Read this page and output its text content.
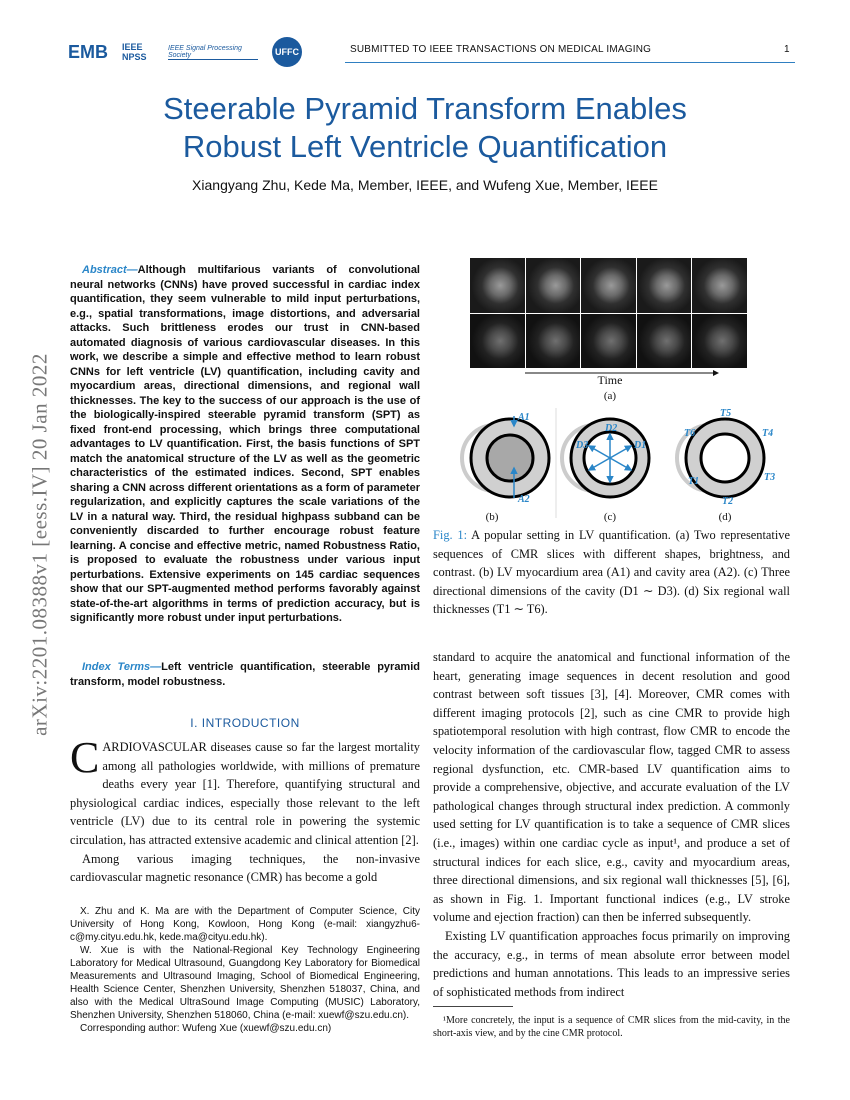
EMB IEEE NPSS
IEEE Signal Processing Society	UFFC	SUBMITTED TO IEEE TRANSACTIONS ON MEDICAL IMAGING	1
Steerable Pyramid Transform Enables
Robust Left Ventricle Quantification
Xiangyang Zhu, Kede Ma, Member, IEEE, and Wufeng Xue, Member, IEEE
arXiv:2201.08388v1 [eess.IV] 20 Jan 2022
Abstract—Although multifarious variants of convolutional neural networks (CNNs) have proved successful in cardiac index quantification, they seem vulnerable to mild input perturbations, e.g., spatial transformations, image distortions, and adversarial attacks. Such brittleness erodes our trust in CNN-based automated diagnosis of various cardiovascular diseases. In this work, we describe a simple and effective method to learn robust CNNs for left ventricle (LV) quantification, including cavity and myocardium areas, directional dimensions, and regional wall thicknesses. The key to the success of our approach is the use of the biologically-inspired steerable pyramid transform (SPT) as fixed front-end processing, which brings three computational advantages to LV quantification. First, the basis functions of SPT match the anatomical structure of the LV as well as the geometric characteristics of the estimated indices. Second, SPT enables sharing a CNN across different orientations as a form of parameter regularization, and explicitly captures the scale variations of the LV in a natural way. Third, the residual highpass subband can be conveniently discarded to further encourage robust feature learning. A concise and effective metric, named Robustness Ratio, is proposed to evaluate the robustness under various input perturbations. Extensive experiments on 145 cardiac sequences show that our SPT-augmented method performs favorably against state-of-the-art algorithms in terms of prediction accuracy, but is significantly more robust under input perturbations.
Index Terms—Left ventricle quantification, steerable pyramid transform, model robustness.
I. INTRODUCTION

CARDIOVASCULAR diseases cause so far the largest mortality among all pathologies worldwide, with millions of premature deaths every year [1]. Therefore, quantifying structural and physiological cardiac indices, especially those relevant to the left ventricle (LV) due to its central role in powering the systemic circulation, has attracted extensive academic and clinical attention [2].

Among various imaging techniques, the non-invasive cardiovascular magnetic resonance (CMR) has become a gold

X. Zhu and K. Ma are with the Department of Computer Science, City University of Hong Kong, Kowloon, Hong Kong (e-mail: xiangyzhu6-c@my.cityu.edu.hk, kede.ma@cityu.edu.hk).

W. Xue is with the National-Regional Key Technology Engineering Laboratory for Medical Ultrasound, Guangdong Key Laboratory for Biomedical Measurements and Ultrasound Imaging, School of Biomedical Engineering, Health Science Center, Shenzhen University, Shenzhen 518037, China, and also with the Medical UltraSound Image Computing (MUSIC) Laboratory, Shenzhen University, Shenzhen 518060, China (e-mail: xuewf@szu.edu.cn).

Corresponding author: Wufeng Xue (xuewf@szu.edu.cn)

A1
A2
D2
D3	D1
T5
T6	T4
T1	T3
T2
Time
(a)
(b)	(c)	(d)
Fig. 1: A popular setting in LV quantification. (a) Two representative sequences of CMR slices with different shapes, brightness, and contrast. (b) LV myocardium area (A1) and cavity area (A2). (c) Three directional dimensions of the cavity (D1 ∼ D3). (d) Six regional wall thicknesses (T1 ∼ T6).

standard to acquire the anatomical and functional information of the heart, generating image sequences in decent resolution and good contrast between soft tissues [3], [4]. Moreover, CMR comes with different imaging protocols [2], such as cine CMR to provide high spatiotemporal resolution with high contrast, flow CMR to encode the velocity information of the cardiovascular flow, tagged CMR to assess regional dysfunction, etc. CMR-based LV quantification aims to provide a comprehensive, objective, and accurate evaluation of the LV pathological changes through structural index prediction. A commonly used setting for LV quantification is to take a sequence of CMR slices (i.e., images) within one cardiac cycle as input¹, and produce a set of structural indices for each slice, e.g., cavity and myocardium areas, three directional dimensions, and six regional wall thicknesses [5], [6], as shown in Fig. 1. Important functional indices (e.g., LV stroke volume and ejection fraction) can then be inferred subsequently.

Existing LV quantification approaches focus primarily on improving the accuracy, e.g., in terms of mean absolute error between model predictions and human annotations. This leads to an impressive series of sophisticated methods from indirect

¹More concretely, the input is a sequence of CMR slices from the mid-cavity, in the short-axis view, and by the cine CMR protocol.
